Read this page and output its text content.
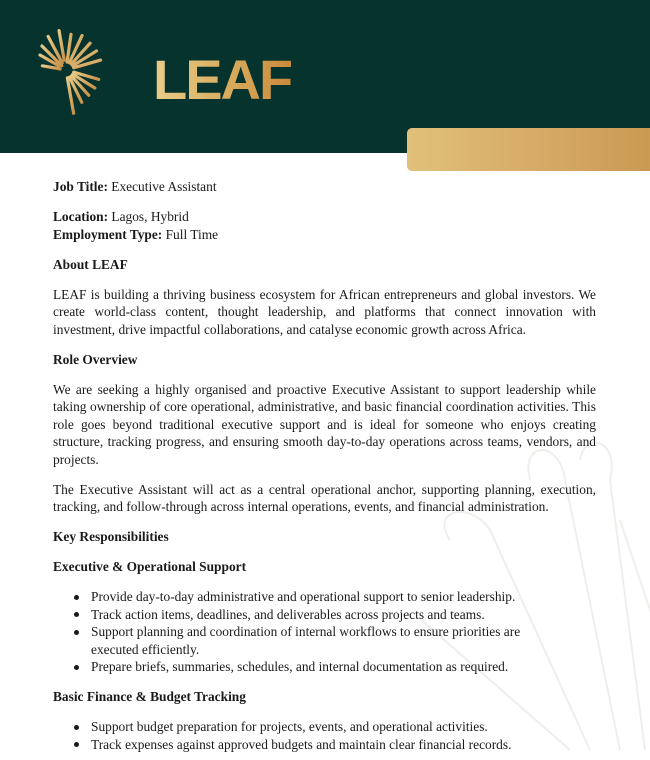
LEAF

Job Title: Executive Assistant

Location: Lagos, Hybrid

Employment Type: Full Time

About LEAF

LEAF is building a thriving business ecosystem for African entrepreneurs and global investors. We create world-class content, thought leadership, and platforms that connect innovation with investment, drive impactful collaborations, and catalyse economic growth across Africa.

Role Overview

We are seeking a highly organised and proactive Executive Assistant to support leadership while taking ownership of core operational, administrative, and basic financial coordination activities. This role goes beyond traditional executive support and is ideal for someone who enjoys creating structure, tracking progress, and ensuring smooth day-to-day operations across teams, vendors, and projects.

The Executive Assistant will act as a central operational anchor, supporting planning, execution, tracking, and follow-through across internal operations, events, and financial administration.

Key Responsibilities

Executive & Operational Support

Provide day-to-day administrative and operational support to senior leadership.
Track action items, deadlines, and deliverables across projects and teams.
Support planning and coordination of internal workflows to ensure priorities are executed efficiently.
Prepare briefs, summaries, schedules, and internal documentation as required.

Basic Finance & Budget Tracking

Support budget preparation for projects, events, and operational activities.
Track expenses against approved budgets and maintain clear financial records.
